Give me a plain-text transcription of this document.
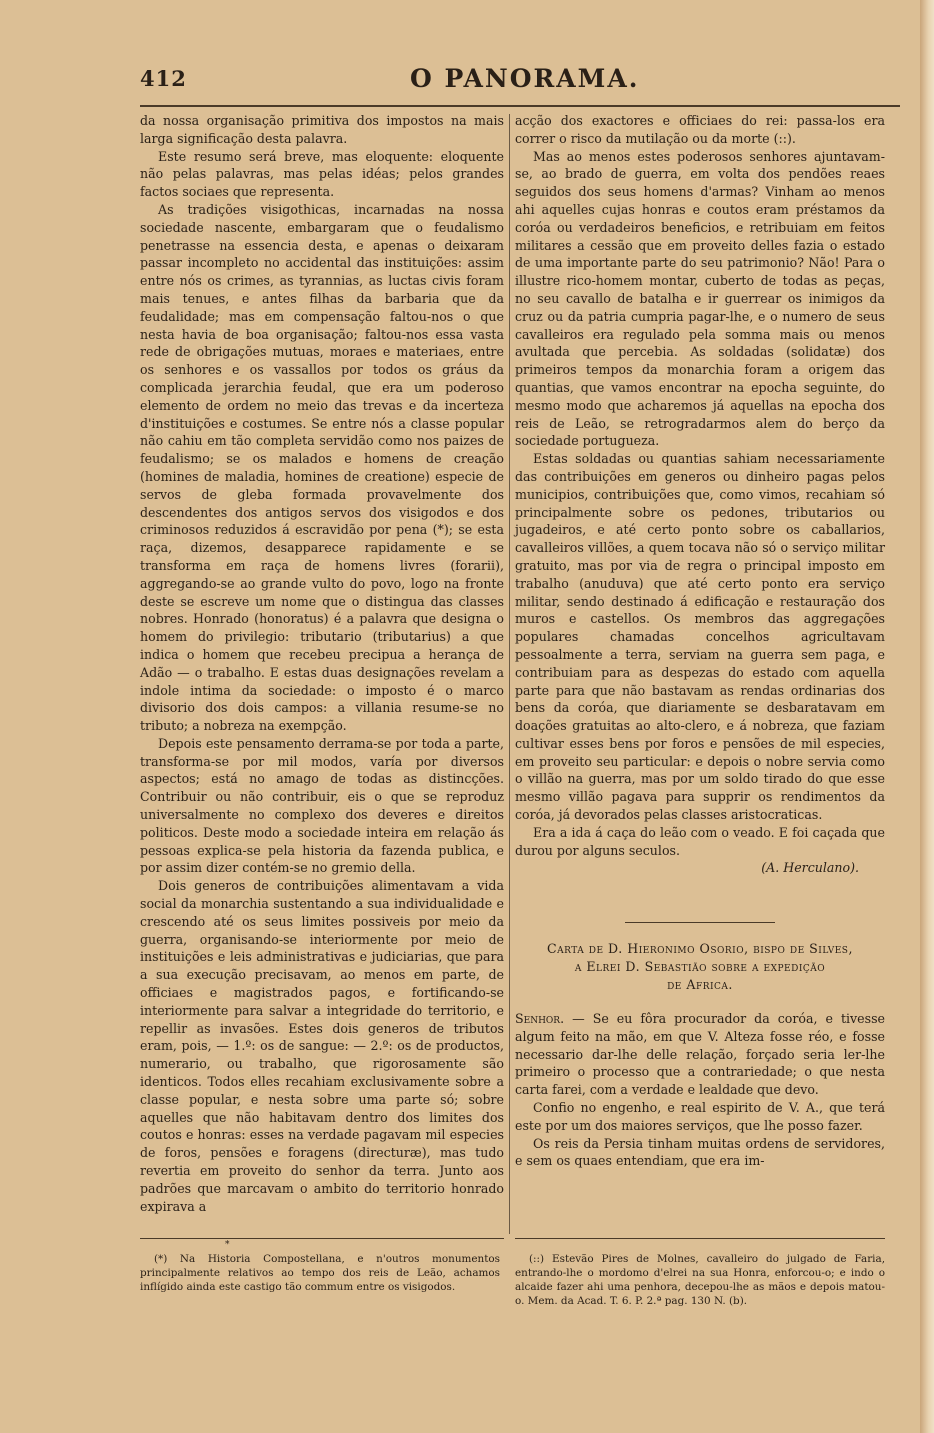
412	O PANORAMA.

da nossa organisação primitiva dos impostos na mais larga significação desta palavra.

Este resumo será breve, mas eloquente: eloquente não pelas palavras, mas pelas idéas; pelos grandes factos sociaes que representa.

As tradições visigothicas, incarnadas na nossa sociedade nascente, embargaram que o feudalismo penetrasse na essencia desta, e apenas o deixaram passar incompleto no accidental das instituições: assim entre nós os crimes, as tyrannias, as luctas civis foram mais tenues, e antes filhas da barbaria que da feudalidade; mas em compensação faltou-nos o que nesta havia de boa organisação; faltou-nos essa vasta rede de obrigações mutuas, moraes e materiaes, entre os senhores e os vassallos por todos os gráus da complicada jerarchia feudal, que era um poderoso elemento de ordem no meio das trevas e da incerteza d'instituições e costumes. Se entre nós a classe popular não cahiu em tão completa servidão como nos paizes de feudalismo; se os malados e homens de creação (homines de maladia, homines de creatione) especie de servos de gleba formada provavelmente dos descendentes dos antigos servos dos visigodos e dos criminosos reduzidos á escravidão por pena (*); se esta raça, dizemos, desapparece rapidamente e se transforma em raça de homens livres (forarii), aggregando-se ao grande vulto do povo, logo na fronte deste se escreve um nome que o distingua das classes nobres. Honrado (honoratus) é a palavra que designa o homem do privilegio: tributario (tributarius) a que indica o homem que recebeu precipua a herança de Adão — o trabalho. E estas duas designações revelam a indole intima da sociedade: o imposto é o marco divisorio dos dois campos: a villania resume-se no tributo; a nobreza na exempção.

Depois este pensamento derrama-se por toda a parte, transforma-se por mil modos, varía por diversos aspectos; está no amago de todas as distincções. Contribuir ou não contribuir, eis o que se reproduz universalmente no complexo dos deveres e direitos politicos. Deste modo a sociedade inteira em relação ás pessoas explica-se pela historia da fazenda publica, e por assim dizer contém-se no gremio della.

Dois generos de contribuições alimentavam a vida social da monarchia sustentando a sua individualidade e crescendo até os seus limites possiveis por meio da guerra, organisando-se interiormente por meio de instituições e leis administrativas e judiciarias, que para a sua execução precisavam, ao menos em parte, de officiaes e magistrados pagos, e fortificando-se interiormente para salvar a integridade do territorio, e repellir as invasões. Estes dois generos de tributos eram, pois, — 1.º: os de sangue: — 2.º: os de productos, numerario, ou trabalho, que rigorosamente são identicos. Todos elles recahiam exclusivamente sobre a classe popular, e nesta sobre uma parte só; sobre aquelles que não habitavam dentro dos limites dos coutos e honras: esses na verdade pagavam mil especies de foros, pensões e foragens (directuræ), mas tudo revertia em proveito do senhor da terra. Junto aos padrões que marcavam o ambito do territorio honrado expirava a

acção dos exactores e officiaes do rei: passa-los era correr o risco da mutilação ou da morte (::).

Mas ao menos estes poderosos senhores ajuntavam-se, ao brado de guerra, em volta dos pendões reaes seguidos dos seus homens d'armas? Vinham ao menos ahi aquelles cujas honras e coutos eram préstamos da coróa ou verdadeiros beneficios, e retribuiam em feitos militares a cessão que em proveito delles fazia o estado de uma importante parte do seu patrimonio? Não! Para o illustre rico-homem montar, cuberto de todas as peças, no seu cavallo de batalha e ir guerrear os inimigos da cruz ou da patria cumpria pagar-lhe, e o numero de seus cavalleiros era regulado pela somma mais ou menos avultada que percebia. As soldadas (solidatæ) dos primeiros tempos da monarchia foram a origem das quantias, que vamos encontrar na epocha seguinte, do mesmo modo que acharemos já aquellas na epocha dos reis de Leão, se retrogradarmos alem do berço da sociedade portugueza.

Estas soldadas ou quantias sahiam necessariamente das contribuições em generos ou dinheiro pagas pelos municipios, contribuições que, como vimos, recahiam só principalmente sobre os pedones, tributarios ou jugadeiros, e até certo ponto sobre os caballarios, cavalleiros villões, a quem tocava não só o serviço militar gratuito, mas por via de regra o principal imposto em trabalho (anuduva) que até certo ponto era serviço militar, sendo destinado á edificação e restauração dos muros e castellos. Os membros das aggregações populares chamadas concelhos agricultavam pessoalmente a terra, serviam na guerra sem paga, e contribuiam para as despezas do estado com aquella parte para que não bastavam as rendas ordinarias dos bens da coróa, que diariamente se desbaratavam em doações gratuitas ao alto-clero, e á nobreza, que faziam cultivar esses bens por foros e pensões de mil especies, em proveito seu particular: e depois o nobre servia como o villão na guerra, mas por um soldo tirado do que esse mesmo villão pagava para supprir os rendimentos da coróa, já devorados pelas classes aristocraticas.

Era a ida á caça do leão com o veado. E foi caçada que durou por alguns seculos.

(A. Herculano).

Carta de D. Hieronimo Osorio, bispo de Silves,
a Elrei D. Sebastião sobre a expedição
de Africa.

Senhor. — Se eu fôra procurador da coróa, e tivesse algum feito na mão, em que V. Alteza fosse réo, e fosse necessario dar-lhe delle relação, forçado seria ler-lhe primeiro o processo que a contrariedade; o que nesta carta farei, com a verdade e lealdade que devo.

Confio no engenho, e real espirito de V. A., que terá este por um dos maiores serviços, que lhe posso fazer.

Os reis da Persia tinham muitas ordens de servidores, e sem os quaes entendiam, que era im-

*

(*) Na Historia Compostellana, e n'outros monumentos principalmente relativos ao tempo dos reis de Leão, achamos inflígido ainda este castigo tão commum entre os visigodos.

(::) Estevão Pires de Molnes, cavalleiro do julgado de Faria, entrando-lhe o mordomo d'elrei na sua Honra, enforcou-o; e indo o alcaide fazer ahi uma penhora, decepou-lhe as mãos e depois matou-o. Mem. da Acad. T. 6. P. 2.ª pag. 130 N. (b).
